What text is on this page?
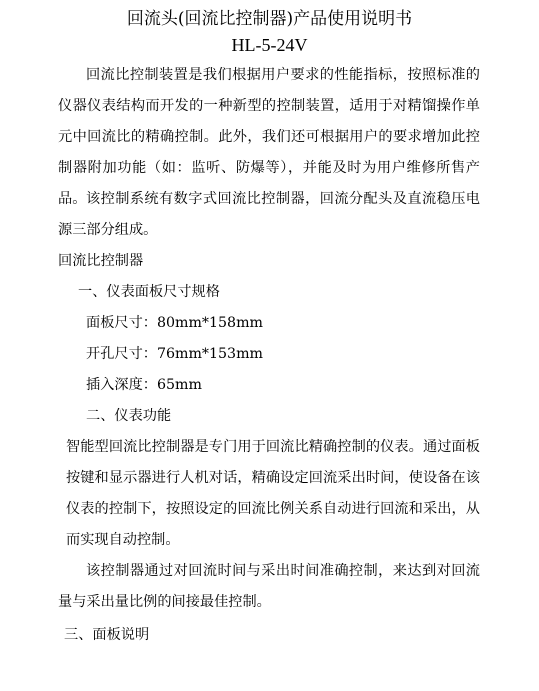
回流头(回流比控制器)产品使用说明书
HL-5-24V
回流比控制装置是我们根据用户要求的性能指标，按照标准的仪器仪表结构而开发的一种新型的控制装置，适用于对精馏操作单元中回流比的精确控制。此外，我们还可根据用户的要求增加此控制器附加功能（如：监听、防爆等），并能及时为用户维修所售产品。 该控制系统有数字式回流比控制器，回流分配头及直流稳压电源三部分组成。
回流比控制器
一、仪表面板尺寸规格
面板尺寸：80mm*158mm
开孔尺寸：76mm*153mm
插入深度：65mm
二、仪表功能
智能型回流比控制器是专门用于回流比精确控制的仪表。通过面板按键和显示器进行人机对话，精确设定回流采出时间，使设备在该仪表的控制下，按照设定的回流比例关系自动进行回流和采出，从而实现自动控制。
该控制器通过对回流时间与采出时间准确控制，来达到对回流量与采出量比例的间接最佳控制。
三、面板说明
